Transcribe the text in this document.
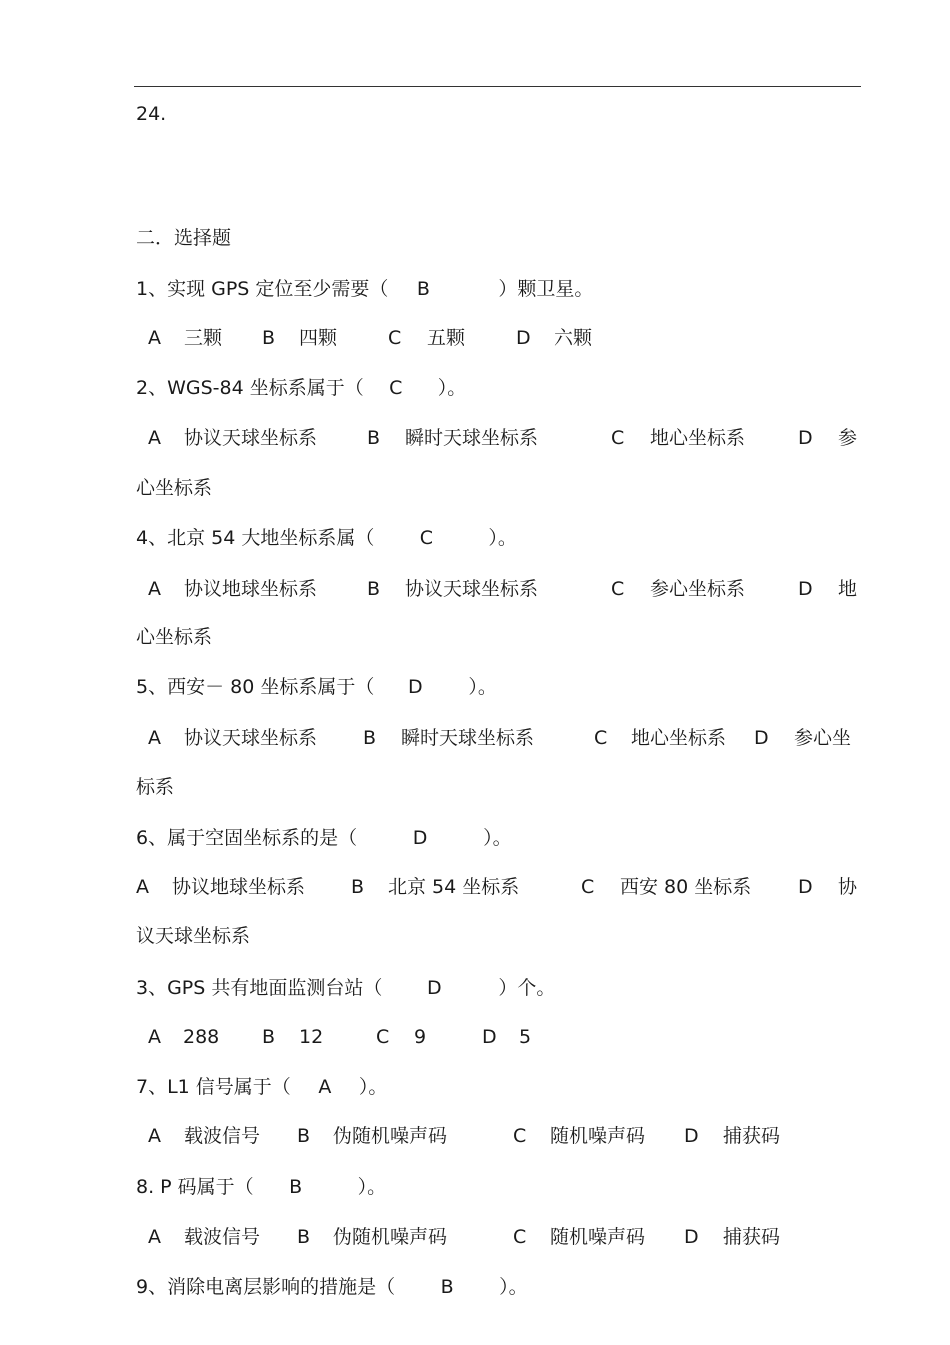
24.
二．选择题
1、实现 GPS 定位至少需要（ B	）颗卫星。
A 三颗 B 四颗	C 五颗	D 六颗
2、WGS-84 坐标系属于（ C ）。
A 协议天球坐标系	B 瞬时天球坐标系	C 地心坐标系	D 参
心坐标系
4、北京 54 大地坐标系属（ C	）。
A 协议地球坐标系	B 协议天球坐标系	C 参心坐标系	D 地
心坐标系
5、西安－ 80 坐标系属于（ D ）。
A 协议天球坐标系 B 瞬时天球坐标系	C 地心坐标系 D 参心坐
标系
6、属于空固坐标系的是（	D	）。
A 协议地球坐标系 B 北京 54 坐标系	C 西安 80 坐标系 D 协
议天球坐标系
3、GPS 共有地面监测台站（ D	）个。
A 288 B 12	C 9	D 5
7、L1 信号属于（ A ）。
A 载波信号 B 伪随机噪声码	C 随机噪声码 D 捕获码
8. P 码属于（ B	）。
A 载波信号 B 伪随机噪声码	C 随机噪声码 D 捕获码
9、消除电离层影响的措施是（ B ）。
